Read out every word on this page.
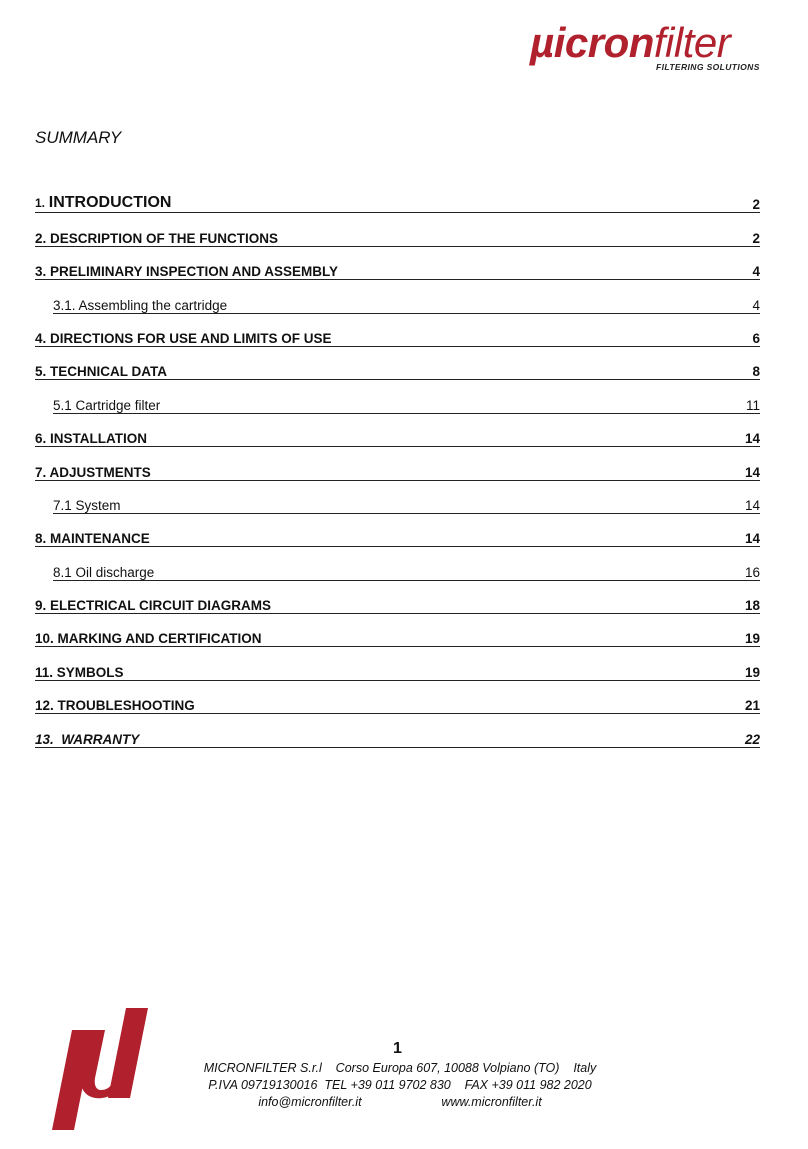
µicronfilter
FILTERING SOLUTIONS
SUMMARY
1. INTRODUCTION	2
2. DESCRIPTION OF THE FUNCTIONS	2
3. PRELIMINARY INSPECTION AND ASSEMBLY	4
3.1. Assembling the cartridge	4
4. DIRECTIONS FOR USE AND LIMITS OF USE	6
5. TECHNICAL DATA	8
5.1 Cartridge filter	11
6. INSTALLATION	14
7. ADJUSTMENTS	14
7.1 System	14
8. MAINTENANCE	14
8.1 Oil discharge	16
9. ELECTRICAL CIRCUIT DIAGRAMS	18
10. MARKING AND CERTIFICATION	19
11. SYMBOLS	19
12. TROUBLESHOOTING	21
13.  WARRANTY	22
1
MICRONFILTER S.r.l    Corso Europa 607, 10088 Volpiano (TO)    Italy
P.IVA 09719130016  TEL +39 011 9702 830    FAX +39 011 982 2020
info@micronfilter.it                       www.micronfilter.it
